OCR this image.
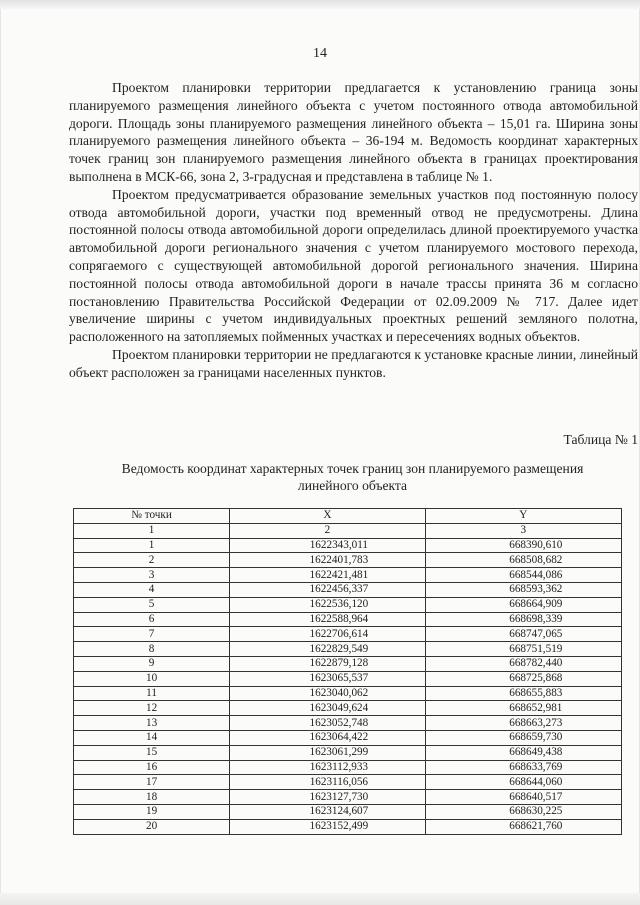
14

Проектом планировки территории предлагается к установлению граница зоны планируемого размещения линейного объекта с учетом постоянного отвода автомобильной дороги. Площадь зоны планируемого размещения линейного объекта – 15,01 га. Ширина зоны планируемого размещения линейного объекта – 36-194 м. Ведомость координат характерных точек границ зон планируемого размещения линейного объекта в границах проектирования выполнена в МСК-66, зона 2, 3-градусная и представлена в таблице № 1.

Проектом предусматривается образование земельных участков под постоянную полосу отвода автомобильной дороги, участки под временный отвод не предусмотрены. Длина постоянной полосы отвода автомобильной дороги определилась длиной проектируемого участка автомобильной дороги регионального значения с учетом планируемого мостового перехода, сопрягаемого с существующей автомобильной дорогой регионального значения. Ширина постоянной полосы отвода автомобильной дороги в начале трассы принята 36 м согласно постановлению Правительства Российской Федерации от 02.09.2009 № 717. Далее идет увеличение ширины с учетом индивидуальных проектных решений земляного полотна, расположенного на затопляемых пойменных участках и пересечениях водных объектов.

Проектом планировки территории не предлагаются к установке красные линии, линейный объект расположен за границами населенных пунктов.

Таблица № 1
Ведомость координат характерных точек границ зон планируемого размещения линейного объекта
№ точки	X	Y
1	2	3
1	1622343,011	668390,610
2	1622401,783	668508,682
3	1622421,481	668544,086
4	1622456,337	668593,362
5	1622536,120	668664,909
6	1622588,964	668698,339
7	1622706,614	668747,065
8	1622829,549	668751,519
9	1622879,128	668782,440
10	1623065,537	668725,868
11	1623040,062	668655,883
12	1623049,624	668652,981
13	1623052,748	668663,273
14	1623064,422	668659,730
15	1623061,299	668649,438
16	1623112,933	668633,769
17	1623116,056	668644,060
18	1623127,730	668640,517
19	1623124,607	668630,225
20	1623152,499	668621,760
